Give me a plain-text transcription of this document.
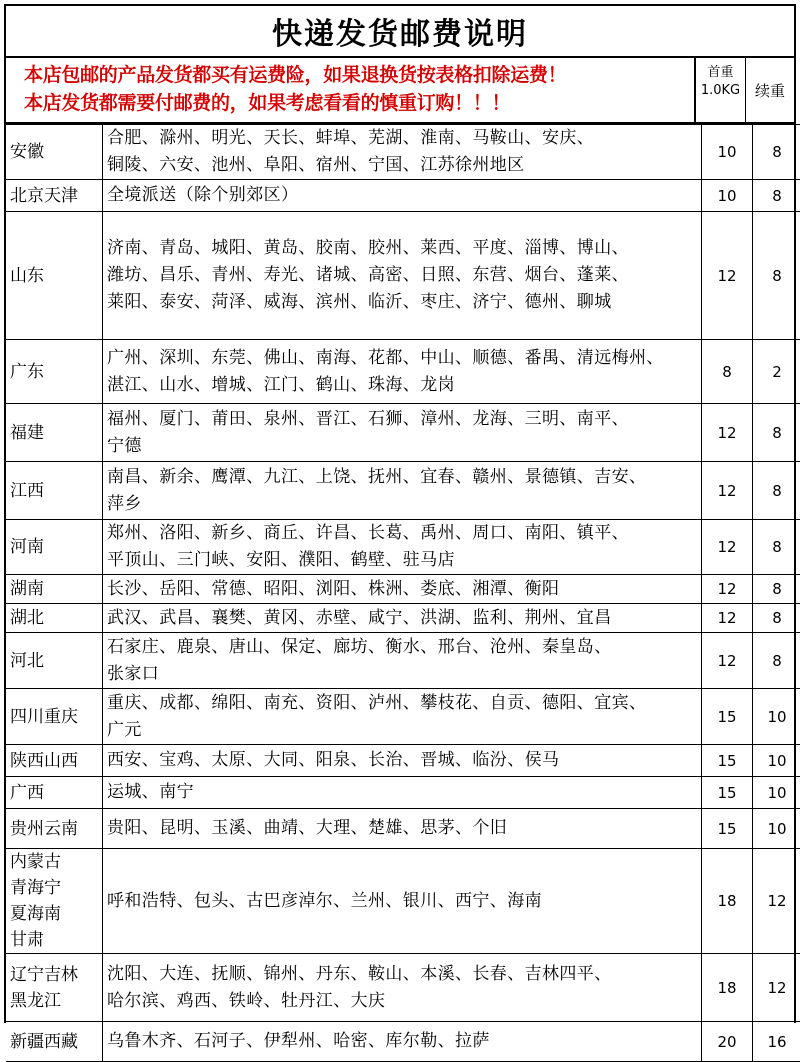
快递发货邮费说明
本店包邮的产品发货都买有运费险，如果退换货按表格扣除运费！
本店发货都需要付邮费的，如果考虑看看的慎重订购！！！
首重
1.0KG 续重
安徽	合肥、滁州、明光、天长、蚌埠、芜湖、淮南、马鞍山、安庆、
铜陵、六安、池州、阜阳、宿州、宁国、江苏徐州地区	10	8
北京天津	全境派送（除个别郊区）	10	8
山东	济南、青岛、城阳、黄岛、胶南、胶州、莱西、平度、淄博、博山、
潍坊、昌乐、青州、寿光、诸城、高密、日照、东营、烟台、蓬莱、
莱阳、泰安、菏泽、威海、滨州、临沂、枣庄、济宁、德州、聊城	12	8
广东	广州、深圳、东莞、佛山、南海、花都、中山、顺德、番禺、清远梅州、
湛江、山水、增城、江门、鹤山、珠海、龙岗	8	2
福建	福州、厦门、莆田、泉州、晋江、石狮、漳州、龙海、三明、南平、
宁德	12	8
江西	南昌、新余、鹰潭、九江、上饶、抚州、宜春、赣州、景德镇、吉安、
萍乡	12	8
河南	郑州、洛阳、新乡、商丘、许昌、长葛、禹州、周口、南阳、镇平、
平顶山、三门峡、安阳、濮阳、鹤壁、驻马店	12	8
湖南	长沙、岳阳、常德、昭阳、浏阳、株洲、娄底、湘潭、衡阳	12	8
湖北	武汉、武昌、襄樊、黄冈、赤壁、咸宁、洪湖、监利、荆州、宜昌	12	8
河北	石家庄、鹿泉、唐山、保定、廊坊、衡水、邢台、沧州、秦皇岛、
张家口	12	8
四川重庆	重庆、成都、绵阳、南充、资阳、泸州、攀枝花、自贡、德阳、宜宾、
广元	15	10
陕西山西	西安、宝鸡、太原、大同、阳泉、长治、晋城、临汾、侯马	15	10
广西	运城、南宁	15	10
贵州云南	贵阳、昆明、玉溪、曲靖、大理、楚雄、思茅、个旧	15	10
内蒙古
青海宁
夏海南
甘肃	呼和浩特、包头、古巴彦淖尔、兰州、银川、西宁、海南	18	12
辽宁吉林
黑龙江	沈阳、大连、抚顺、锦州、丹东、鞍山、本溪、长春、吉林四平、
哈尔滨、鸡西、铁岭、牡丹江、大庆	18	12
新疆西藏	乌鲁木齐、石河子、伊犁州、哈密、库尔勒、拉萨	20	16
